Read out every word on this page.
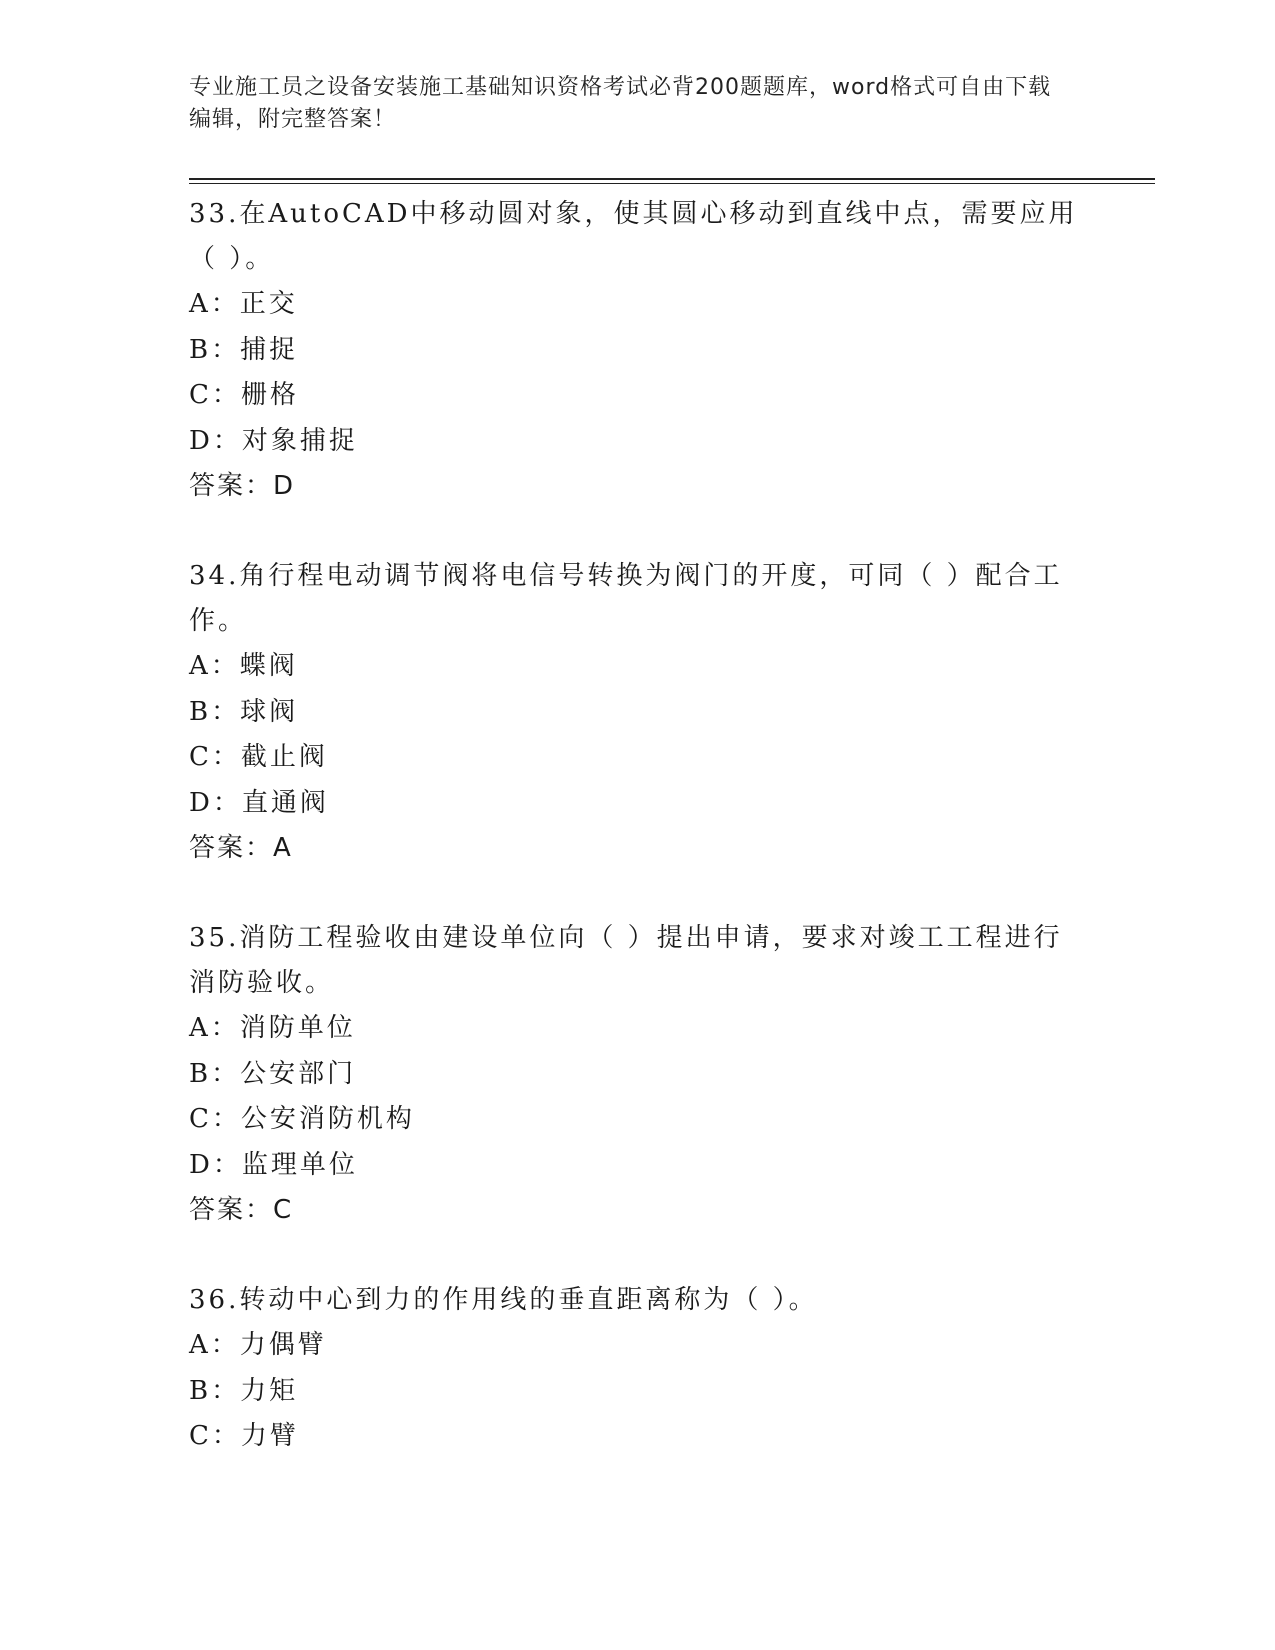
专业施工员之设备安装施工基础知识资格考试必背200题题库，word格式可自由下载编辑，附完整答案！

33.在AutoCAD中移动圆对象，使其圆心移动到直线中点，需要应用（ ）。

A：正交

B：捕捉

C：栅格

D：对象捕捉

答案：D

34.角行程电动调节阀将电信号转换为阀门的开度，可同（ ）配合工作。

A：蝶阀

B：球阀

C：截止阀

D：直通阀

答案：A

35.消防工程验收由建设单位向（ ）提出申请，要求对竣工工程进行消防验收。

A：消防单位

B：公安部门

C：公安消防机构

D：监理单位

答案：C

36.转动中心到力的作用线的垂直距离称为（ ）。

A：力偶臂

B：力矩

C：力臂
